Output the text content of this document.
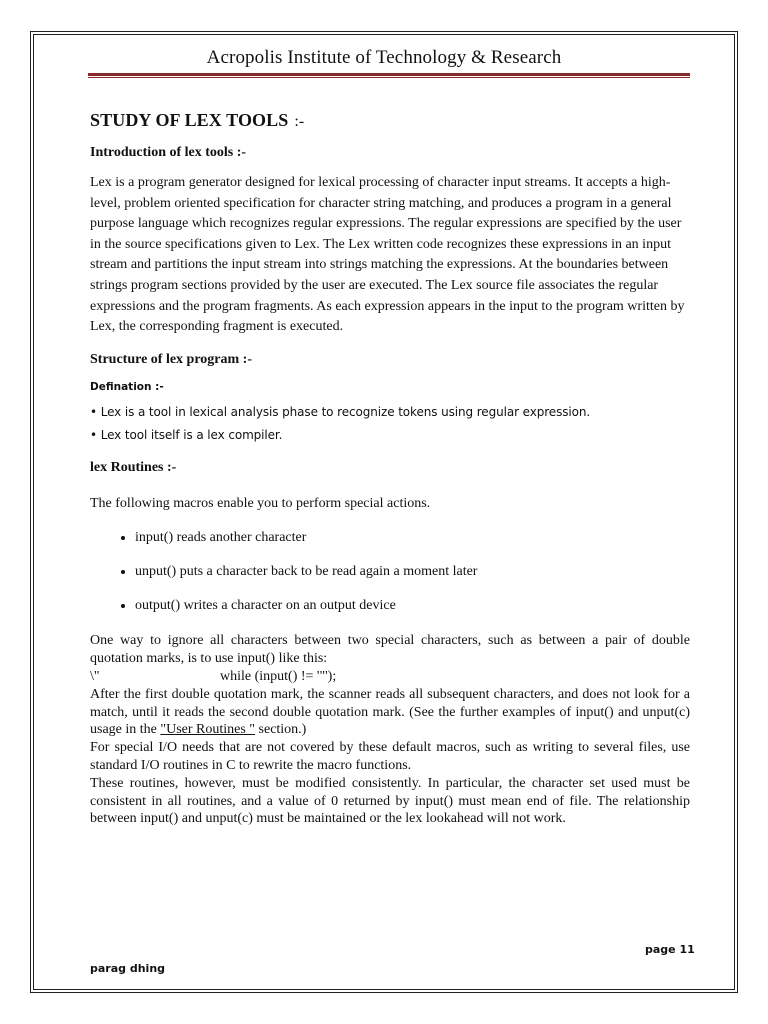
Acropolis Institute of Technology & Research
STUDY OF LEX TOOLS :-
Introduction of lex tools :-

Lex is a program generator designed for lexical processing of character input streams. It accepts a high-level, problem oriented specification for character string matching, and produces a program in a general purpose language which recognizes regular expressions. The regular expressions are specified by the user in the source specifications given to Lex. The Lex written code recognizes these expressions in an input stream and partitions the input stream into strings matching the expressions. At the boundaries between strings program sections provided by the user are executed. The Lex source file associates the regular expressions and the program fragments. As each expression appears in the input to the program written by Lex, the corresponding fragment is executed.

Structure of lex program :-
Defination :-
• Lex is a tool in lexical analysis phase to recognize tokens using regular expression.
• Lex tool itself is a lex compiler.
lex Routines :-
The following macros enable you to perform special actions.
• input() reads another character
• unput() puts a character back to be read again a moment later
• output() writes a character on an output device

One way to ignore all characters between two special characters, such as between a pair of double quotation marks, is to use input() like this:

\"	while (input() != '"');

After the first double quotation mark, the scanner reads all subsequent characters, and does not look for a match, until it reads the second double quotation mark. (See the further examples of input() and unput(c) usage in the "User Routines " section.)

For special I/O needs that are not covered by these default macros, such as writing to several files, use standard I/O routines in C to rewrite the macro functions.

These routines, however, must be modified consistently. In particular, the character set used must be consistent in all routines, and a value of 0 returned by input() must mean end of file. The relationship between input() and unput(c) must be maintained or the lex lookahead will not work.

page 11
parag dhing
